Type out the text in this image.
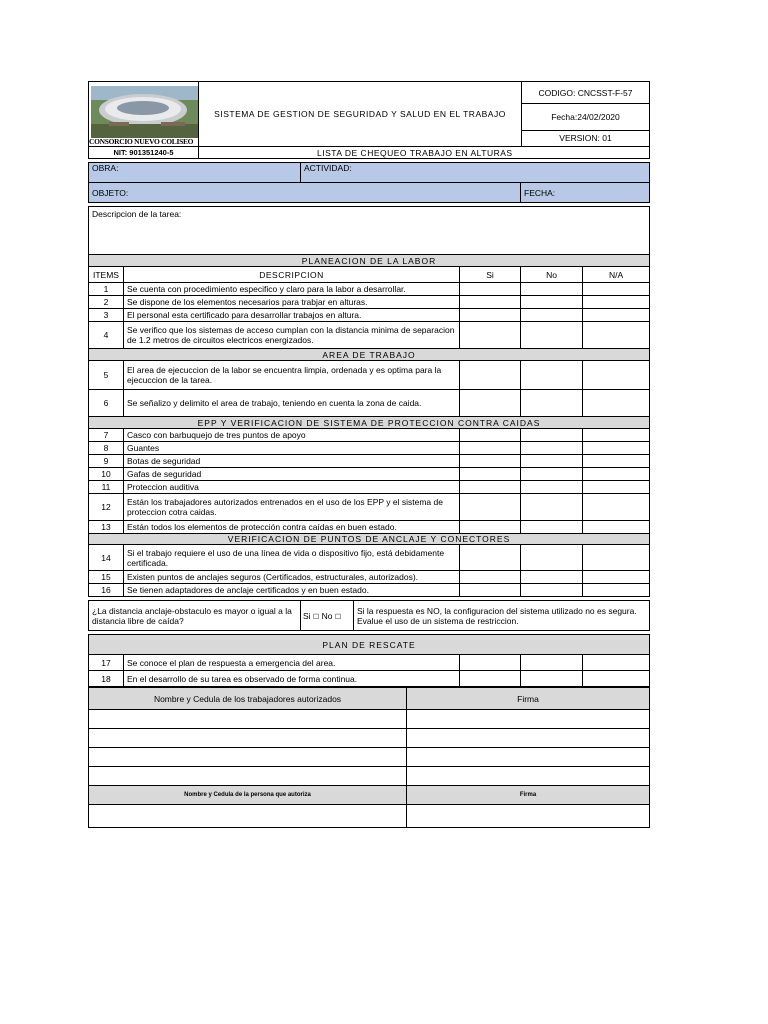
CONSORCIO NUEVO COLISEO	SISTEMA DE GESTION DE SEGURIDAD Y SALUD EN EL TRABAJO	CODIGO: CNCSST-F-57
		Fecha:24/02/2020
		VERSION: 01
NIT: 901351240-5	LISTA DE CHEQUEO TRABAJO EN ALTURAS	
OBRA:	ACTIVIDAD:	
OBJETO:		FECHA:
Descripcion de la tarea:				
PLANEACION DE LA LABOR				
ITEMS	DESCRIPCION	Si	No	N/A
1	Se cuenta con procedimiento especifico y claro para la labor a desarrollar.			
2	Se dispone de los elementos necesarios para trabjar en alturas.			
3	El personal esta certificado para desarrollar trabajos en altura.			
4	Se verifico que los sistemas de acceso cumplan con la distancia minima de separacion de 1.2 metros de circuitos electricos energizados.			
AREA DE TRABAJO				
5	El area de ejecuccion de la labor se encuentra limpia, ordenada y es optima para la ejecuccion de la tarea.			
6	Se señalizo y delimito el area de trabajo, teniendo en cuenta la zona de caida.			
EPP Y VERIFICACION DE SISTEMA DE PROTECCION CONTRA CAIDAS				
7	Casco con barbuquejo de tres puntos de apoyo			
8	Guantes			
9	Botas de seguridad			
10	Gafas de seguridad			
11	Proteccion auditiva			
12	Están los trabajadores autorizados entrenados en el uso de los EPP y el sistema de proteccion cotra caidas.			
13	Están todos los elementos de protección contra caídas en buen estado.			
VERIFICACION DE PUNTOS DE ANCLAJE Y CONECTORES				
14	Si el trabajo requiere el uso de una línea de vida o dispositivo fijo, está debidamente certificada.			
15	Existen puntos de anclajes seguros (Certificados, estructurales, autorizados).			
16	Se tienen adaptadores de anclaje certificados y en buen estado.			
¿La distancia anclaje-obstaculo es mayor o igual a la distancia libre de caída?	Si ☐ No ☐	Si la respuesta es NO, la configuracion del sistema utilizado no es segura. Evalue el uso de un sistema de restriccion.
PLAN DE RESCATE				
17	Se conoce el plan de respuesta a emergencia del area.			
18	En el desarrollo de su tarea es observado de forma continua.			
Nombre y Cedula de los trabajadores autorizados	Firma

Nombre y Cedula de la persona que autoriza	Firma
